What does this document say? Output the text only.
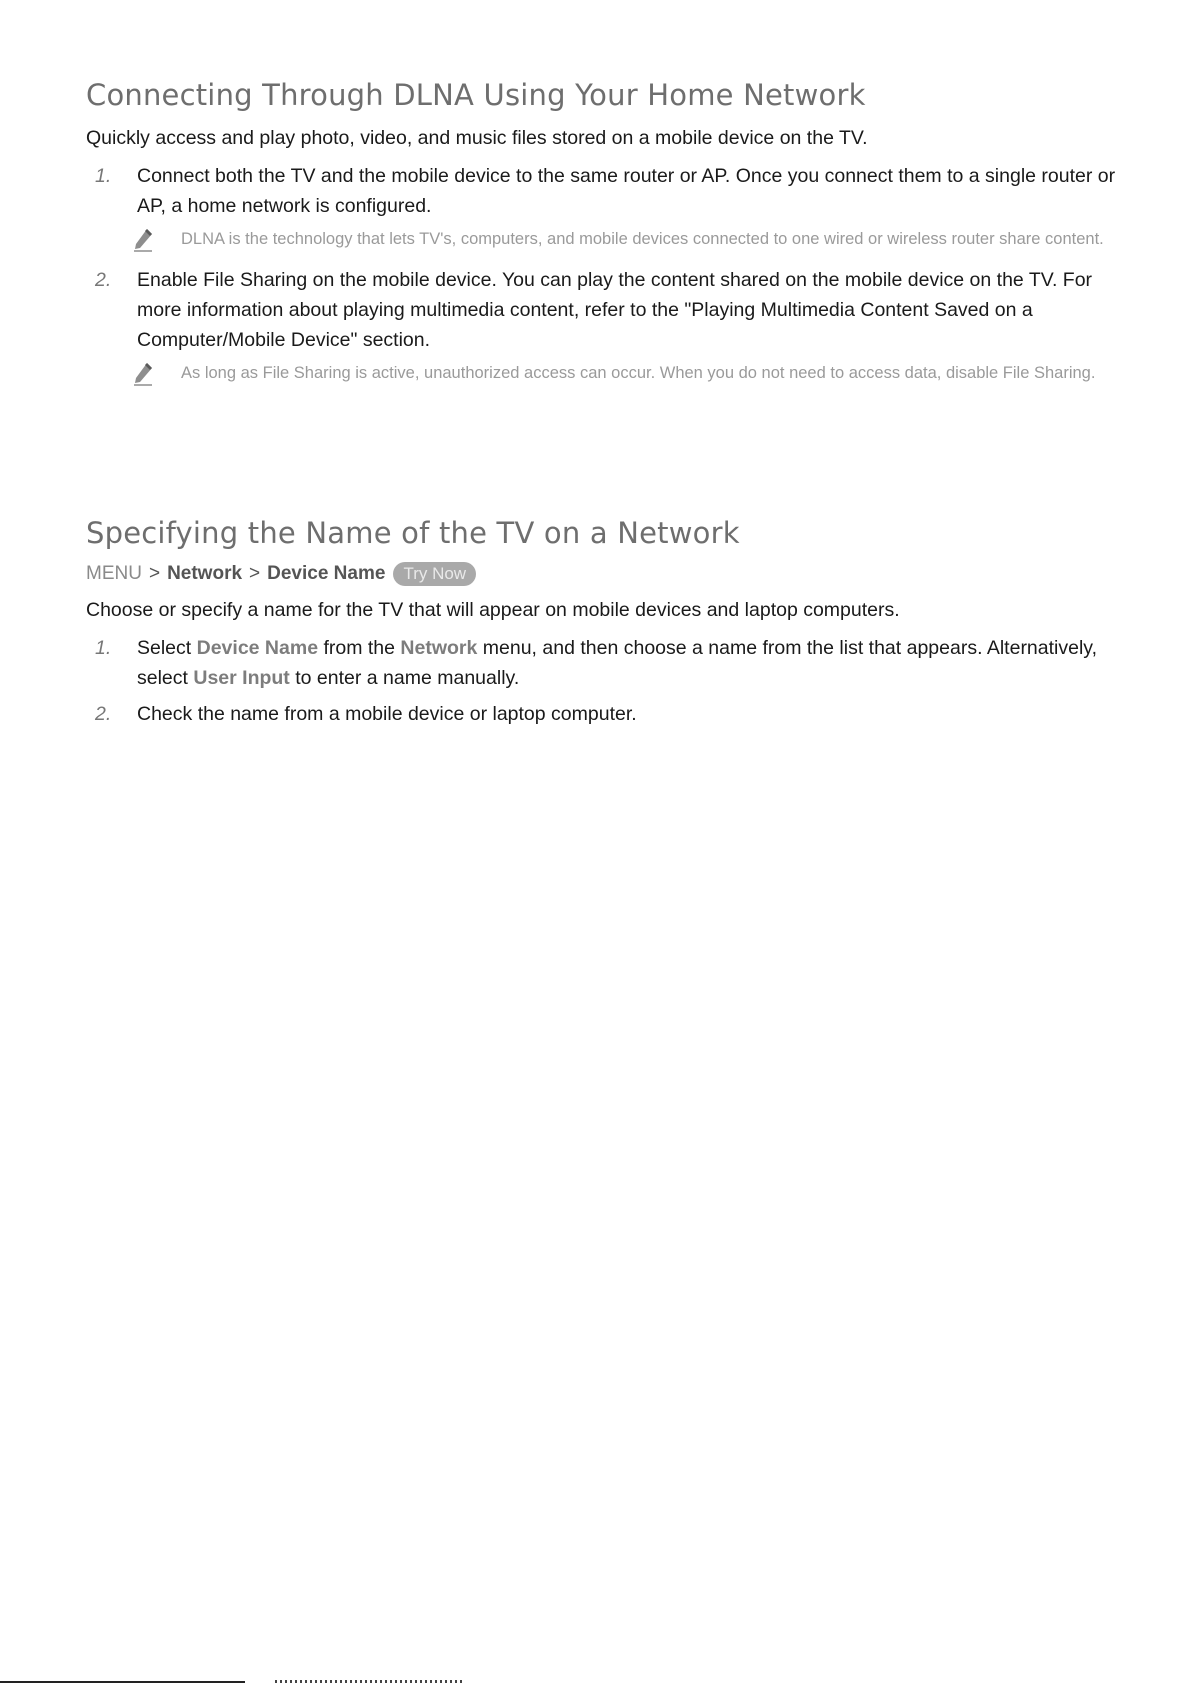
Connecting Through DLNA Using Your Home Network

Quickly access and play photo, video, and music files stored on a mobile device on the TV.

1. Connect both the TV and the mobile device to the same router or AP. Once you connect them to a single router or AP, a home network is configured.
DLNA is the technology that lets TV's, computers, and mobile devices connected to one wired or wireless router share content.
2. Enable File Sharing on the mobile device. You can play the content shared on the mobile device on the TV. For more information about playing multimedia content, refer to the "Playing Multimedia Content Saved on a Computer/Mobile Device" section.
As long as File Sharing is active, unauthorized access can occur. When you do not need to access data, disable File Sharing.
Specifying the Name of the TV on a Network
MENU > Network > Device Name	Try Now

Choose or specify a name for the TV that will appear on mobile devices and laptop computers.

1. Select Device Name from the Network menu, and then choose a name from the list that appears. Alternatively, select User Input to enter a name manually.
2. Check the name from a mobile device or laptop computer.
